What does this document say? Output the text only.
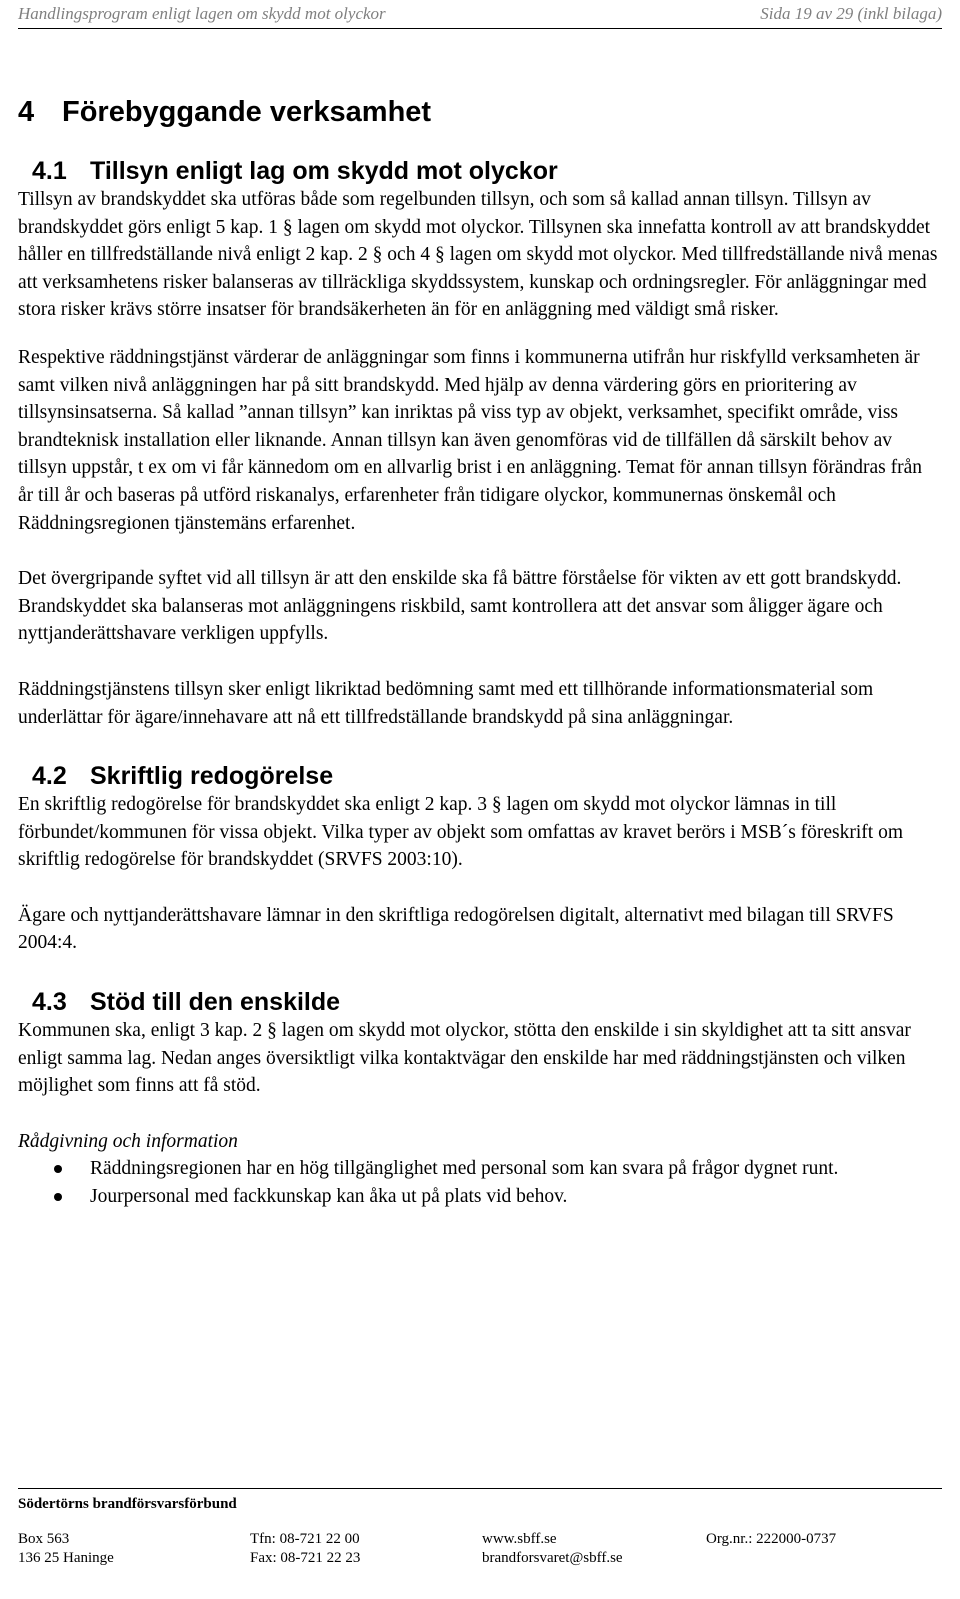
Handlingsprogram enligt lagen om skydd mot olyckor	Sida 19 av 29 (inkl bilaga)
4 Förebyggande verksamhet
4.1 Tillsyn enligt lag om skydd mot olyckor

Tillsyn av brandskyddet ska utföras både som regelbunden tillsyn, och som så kallad annan tillsyn. Tillsyn av brandskyddet görs enligt 5 kap. 1 § lagen om skydd mot olyckor. Tillsynen ska innefatta kontroll av att brandskyddet håller en tillfredställande nivå enligt 2 kap. 2 § och 4 § lagen om skydd mot olyckor. Med tillfredställande nivå menas att verksamhetens risker balanseras av tillräckliga skyddssystem, kunskap och ordningsregler. För anläggningar med stora risker krävs större insatser för brandsäkerheten än för en anläggning med väldigt små risker.

Respektive räddningstjänst värderar de anläggningar som finns i kommunerna utifrån hur riskfylld verksamheten är samt vilken nivå anläggningen har på sitt brandskydd. Med hjälp av denna värdering görs en prioritering av tillsynsinsatserna. Så kallad ”annan tillsyn” kan inriktas på viss typ av objekt, verksamhet, specifikt område, viss brandteknisk installation eller liknande. Annan tillsyn kan även genomföras vid de tillfällen då särskilt behov av tillsyn uppstår, t ex om vi får kännedom om en allvarlig brist i en anläggning. Temat för annan tillsyn förändras från år till år och baseras på utförd riskanalys, erfarenheter från tidigare olyckor, kommunernas önskemål och Räddningsregionen tjänstemäns erfarenhet.

Det övergripande syftet vid all tillsyn är att den enskilde ska få bättre förståelse för vikten av ett gott brandskydd. Brandskyddet ska balanseras mot anläggningens riskbild, samt kontrollera att det ansvar som åligger ägare och nyttjanderättshavare verkligen uppfylls.

Räddningstjänstens tillsyn sker enligt likriktad bedömning samt med ett tillhörande informationsmaterial som underlättar för ägare/innehavare att nå ett tillfredställande brandskydd på sina anläggningar.

4.2 Skriftlig redogörelse

En skriftlig redogörelse för brandskyddet ska enligt 2 kap. 3 § lagen om skydd mot olyckor lämnas in till förbundet/kommunen för vissa objekt. Vilka typer av objekt som omfattas av kravet berörs i MSB´s föreskrift om skriftlig redogörelse för brandskyddet (SRVFS 2003:10).

Ägare och nyttjanderättshavare lämnar in den skriftliga redogörelsen digitalt, alternativt med bilagan till SRVFS 2004:4.

4.3 Stöd till den enskilde

Kommunen ska, enligt 3 kap. 2 § lagen om skydd mot olyckor, stötta den enskilde i sin skyldighet att ta sitt ansvar enligt samma lag. Nedan anges översiktligt vilka kontaktvägar den enskilde har med räddningstjänsten och vilken möjlighet som finns att få stöd.

Rådgivning och information

Räddningsregionen har en hög tillgänglighet med personal som kan svara på frågor dygnet runt.
Jourpersonal med fackkunskap kan åka ut på plats vid behov.
Södertörns brandförsvarsförbund
Box 563	Tfn: 08-721 22 00	www.sbff.se	Org.nr.: 222000-0737
136 25 Haninge	Fax: 08-721 22 23	brandforsvaret@sbff.se
